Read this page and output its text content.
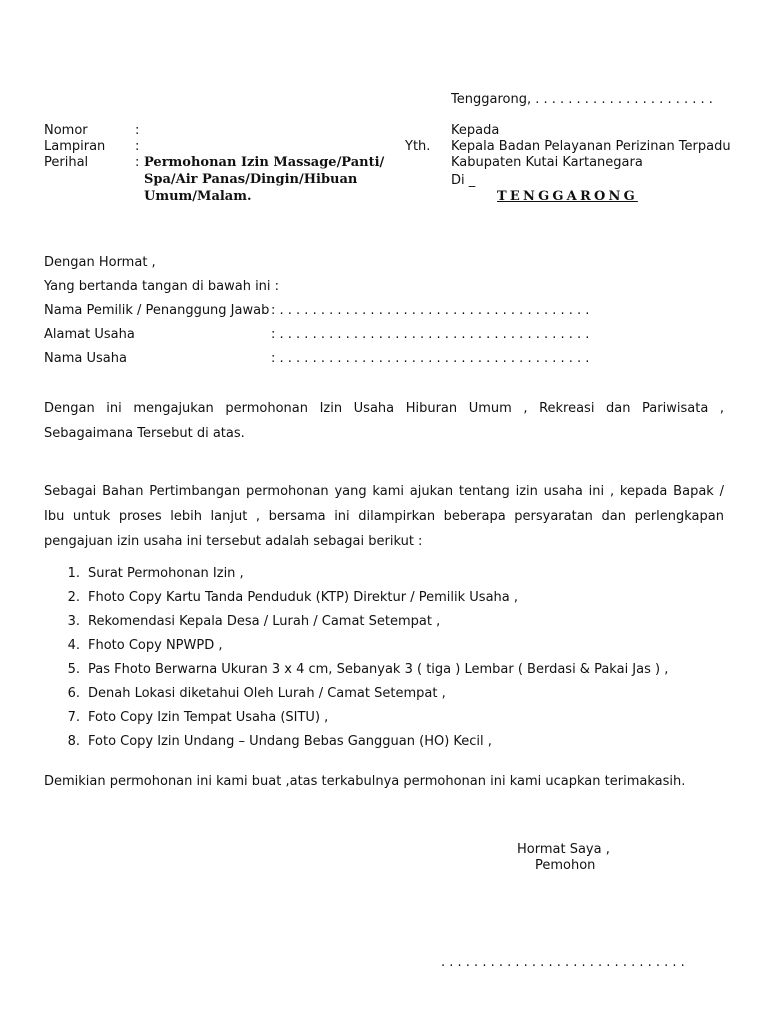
Tenggarong, . . . . . . . . . . . . . . . . . . . . . .
Nomor	:
Lampiran :
Perihal	: Permohonan Izin Massage/Panti/
Spa/Air Panas/Dingin/Hibuan
Umum/Malam.
Yth.
Kepada
Kepala Badan Pelayanan Perizinan Terpadu
Kabupaten Kutai Kartanegara
Di _
TENGGARONG
Dengan Hormat ,
Yang bertanda tangan di bawah ini :
Nama Pemilik / Penanggung Jawab : . . . . . . . . . . . . . . . . . . . . . . . . . . . . . . . . . . . . . .
Alamat Usaha	: . . . . . . . . . . . . . . . . . . . . . . . . . . . . . . . . . . . . . .
Nama Usaha	: . . . . . . . . . . . . . . . . . . . . . . . . . . . . . . . . . . . . . .
Dengan ini mengajukan permohonan Izin Usaha Hiburan Umum , Rekreasi dan Pariwisata , Sebagaimana Tersebut di atas.
Sebagai Bahan Pertimbangan permohonan yang kami ajukan tentang izin usaha ini , kepada Bapak / Ibu untuk proses lebih lanjut , bersama ini dilampirkan beberapa persyaratan dan perlengkapan pengajuan izin usaha ini tersebut adalah sebagai berikut :
1. Surat Permohonan Izin ,
2. Fhoto Copy Kartu Tanda Penduduk (KTP) Direktur / Pemilik Usaha ,
3. Rekomendasi Kepala Desa / Lurah / Camat Setempat ,
4. Fhoto Copy NPWPD ,
5. Pas Fhoto Berwarna Ukuran 3 x 4 cm, Sebanyak 3 ( tiga ) Lembar ( Berdasi & Pakai Jas ) ,
6. Denah Lokasi diketahui Oleh Lurah / Camat Setempat ,
7. Foto Copy Izin Tempat Usaha (SITU) ,
8. Foto Copy Izin Undang – Undang Bebas Gangguan (HO) Kecil ,
Demikian permohonan ini kami buat ,atas terkabulnya permohonan ini kami ucapkan terimakasih.
Hormat Saya ,
Pemohon
. . . . . . . . . . . . . . . . . . . . . . . . . . . . . .
